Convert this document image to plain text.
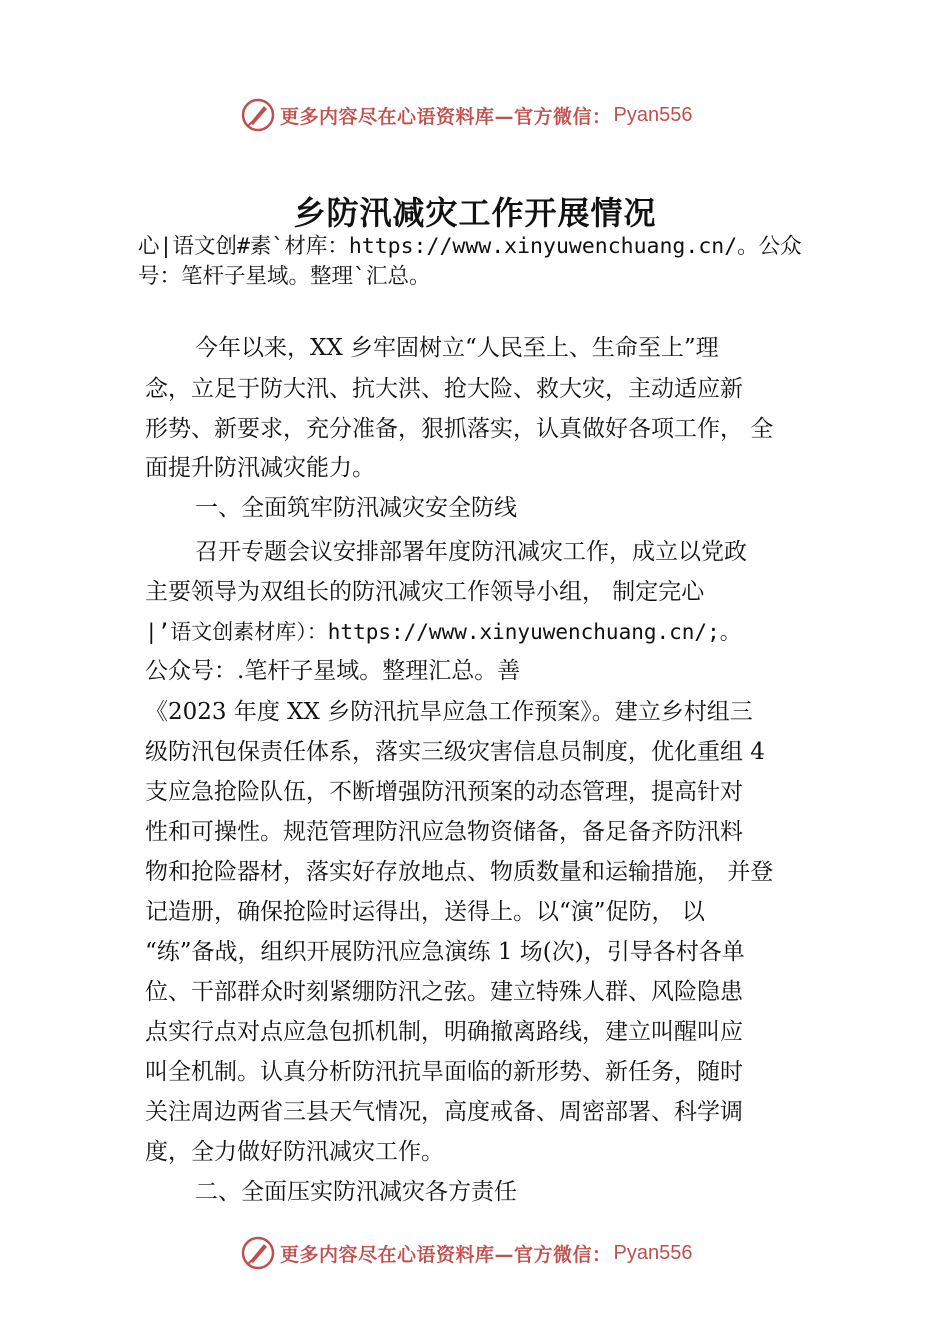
更多内容尽在心语资料库—官方微信： Pyan556
乡防汛减灾工作开展情况
心|语文创#素`材库：https://www.xinyuwenchuang.cn/。公众
号：笔杆子星域。整理`汇总。
今年以来，XX 乡牢固树立“人民至上、生命至上”理
念，立足于防大汛、抗大洪、抢大险、救大灾，主动适应新
形势、新要求，充分准备，狠抓落实，认真做好各项工作， 全
面提升防汛减灾能力。
一、全面筑牢防汛减灾安全防线
召开专题会议安排部署年度防汛减灾工作，成立以党政
主要领导为双组长的防汛减灾工作领导小组， 制定完心
|’语文创素材库）：https://www.xinyuwenchuang.cn/;。
公众号：.笔杆子星域。整理汇总。善
《2023 年度 XX 乡防汛抗旱应急工作预案》。建立乡村组三
级防汛包保责任体系，落实三级灾害信息员制度，优化重组 4
支应急抢险队伍，不断增强防汛预案的动态管理，提高针对
性和可操性。规范管理防汛应急物资储备，备足备齐防汛料
物和抢险器材，落实好存放地点、物质数量和运输措施， 并登
记造册，确保抢险时运得出，送得上。以“演”促防， 以
“练”备战，组织开展防汛应急演练 1 场(次)，引导各村各单
位、干部群众时刻紧绷防汛之弦。建立特殊人群、风险隐患
点实行点对点应急包抓机制，明确撤离路线，建立叫醒叫应
叫全机制。认真分析防汛抗旱面临的新形势、新任务，随时
关注周边两省三县天气情况，高度戒备、周密部署、科学调
度，全力做好防汛减灾工作。
二、全面压实防汛减灾各方责任
更多内容尽在心语资料库—官方微信： Pyan556
